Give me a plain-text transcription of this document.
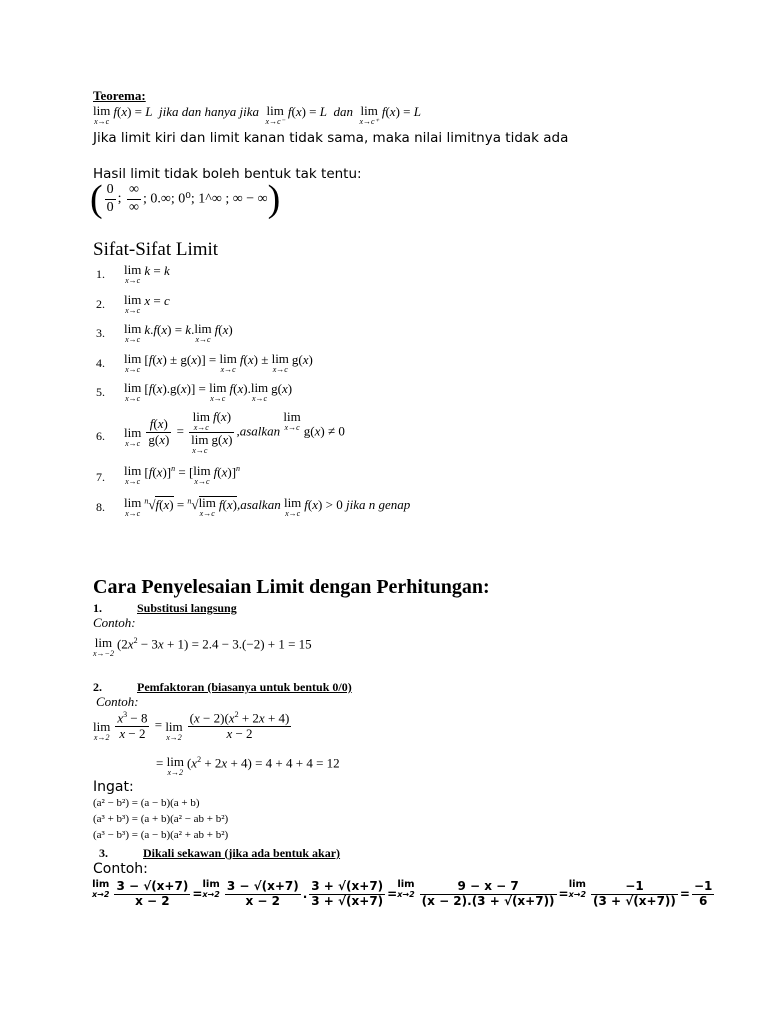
Teorema:
lim
x→c
f(x) = L jika dan hanya jika lim
x→c⁻
f(x) = L dan lim
x→c⁺
f(x) = L
Jika limit kiri dan limit kanan tidak sama, maka nilai limitnya tidak ada
Hasil limit tidak boleh bentuk tak tentu:
( $\frac{0}{0}$ ; $\frac{\infty}{\infty}$ ; 0.∞; 0⁰; 1^∞ ; ∞ − ∞)
Sifat-Sifat Limit
1. lim
x→c
k = k
2. lim
x→c
x = c
3. lim
x→c
k.f(x) = k. lim
x→c
f(x)
4. lim
x→c
[f(x) ± g(x)] = lim
x→c
f(x) ± lim
x→c
g(x)
5. lim
x→c
[f(x).g(x)] = lim
x→c
f(x). lim
x→c
g(x)
6. lim
$x\to c \frac{f(x)}{g(x)} = \lim$
x→c
f(x)
lim
x→c
g(x) ,asalkan
lim
x→c g(x) ≠ 0
7. lim
x→c
$[f(x)]^n$ = [ lim
x→c
f(x)]$^n$
8. lim
x→c
$^n$√f(x) = $^n$√ lim
x→c
f(x),asalkan lim
x→c
f(x) > 0 jika n genap
Cara Penyelesaian Limit dengan Perhitungan:
1.	Substitusi langsung
Contoh:
lim
x→−2
$(2x^2 - 3x + 1) = 2.4 - 3.(-2) + 1 = 15$
2.	Pemfaktoran (biasanya untuk bentuk 0/0)
Contoh:
lim
$x\to 2 \frac{x^3 - 8}{x - 2} = \lim$
$x\to 2 \frac{(x - 2)(x^2 + 2x + 4)}{x - 2}$
= lim
x→2
$(x^2 + 2x + 4) = 4 + 4 + 4 = 12$
Ingat:
(a² − b²) = (a − b)(a + b)
(a³ + b³) = (a + b)(a² − ab + b²)
(a³ − b³) = (a − b)(a² + ab + b²)
3.	Dikali sekawan (jika ada bentuk akar)
Contoh:
lim
$x\to 2 \frac{3 - √(x+7)}{x - 2}$ =
lim
$x\to 2 \frac{3 - √(x+7)}{x - 2}$ . $\frac{3 + √(x+7)}{3 + √(x+7)}$ =
lim
$x\to 2 \frac{9 - x - 7}{(x - 2).(3 + √(x+7))}$ =
lim
$x\to 2 \frac{-1}{(3 + √(x+7))} = \frac{-1}{6}$
